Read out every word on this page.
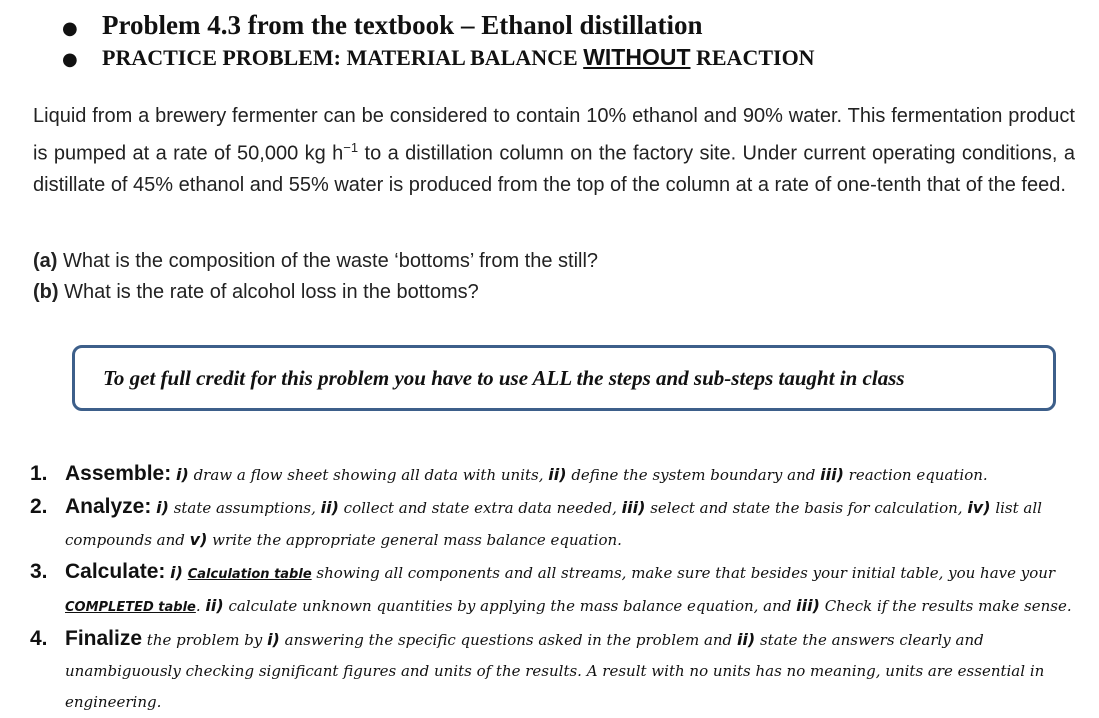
● Problem 4.3 from the textbook – Ethanol distillation
●	PRACTICE PROBLEM: MATERIAL BALANCE WITHOUT REACTION
Liquid from a brewery fermenter can be considered to contain 10% ethanol and 90% water. This fermentation product is pumped at a rate of 50,000 kg $h^{-1}$ to a distillation column on the factory site. Under current operating conditions, a distillate of 45% ethanol and 55% water is produced from the top of the column at a rate of one-tenth that of the feed.
(a) What is the composition of the waste ‘bottoms’ from the still?
(b) What is the rate of alcohol loss in the bottoms?
To get full credit for this problem you have to use ALL the steps and sub-steps taught in class
1. Assemble: i) draw a flow sheet showing all data with units, ii) define the system boundary and iii) reaction equation.
2. Analyze: i) state assumptions, ii) collect and state extra data needed, iii) select and state the basis for calculation, iv) list all compounds and v) write the appropriate general mass balance equation.
3. Calculate: i) Calculation table showing all components and all streams, make sure that besides your initial table, you have your COMPLETED table. ii) calculate unknown quantities by applying the mass balance equation, and iii) Check if the results make sense.
4. Finalize the problem by i) answering the specific questions asked in the problem and ii) state the answers clearly and unambiguously checking significant figures and units of the results. A result with no units has no meaning, units are essential in engineering.
